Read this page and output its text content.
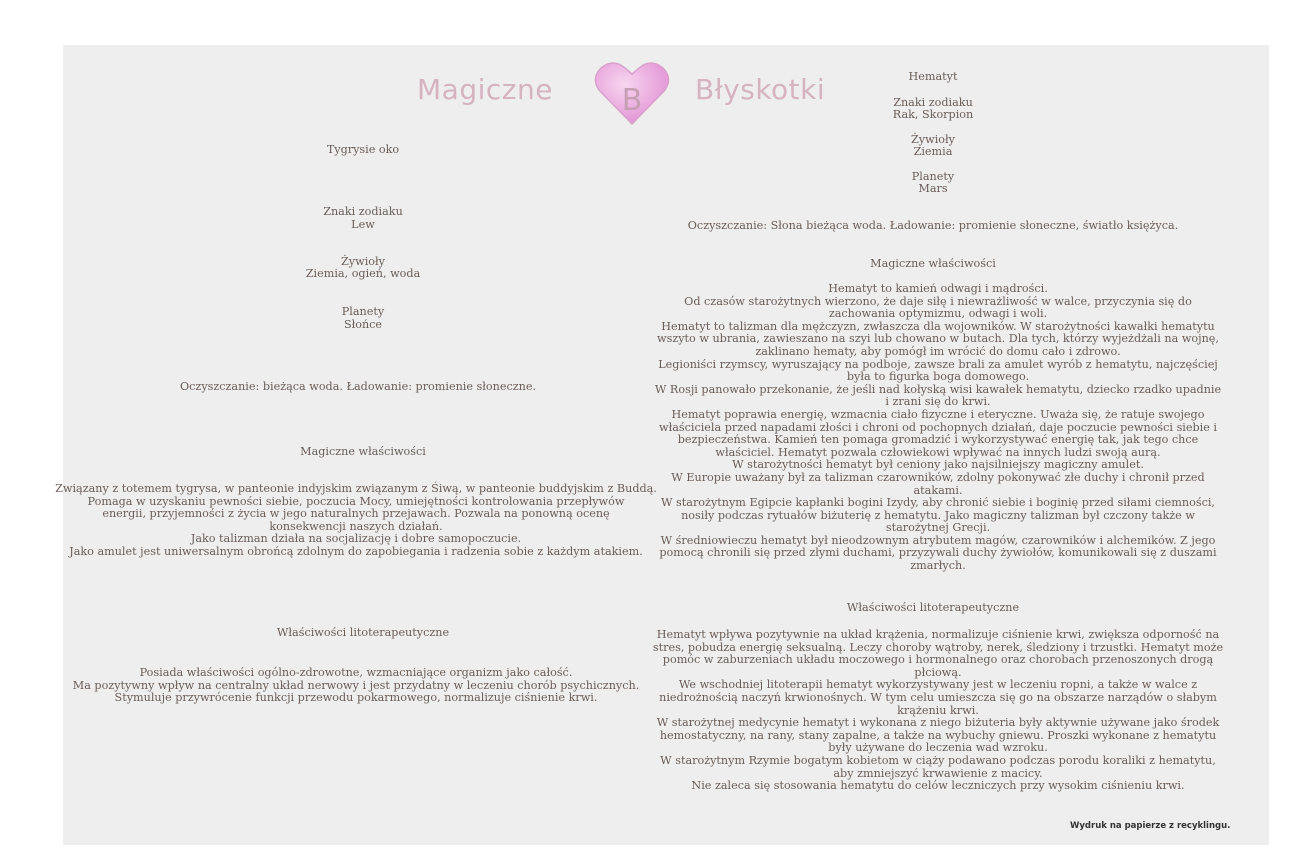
Magiczne B Błyskotki
Tygrysie oko
Znaki zodiaku
Lew
Żywioły
Ziemia, ogień, woda
Planety
Słońce
Oczyszczanie: bieżąca woda. Ładowanie: promienie słoneczne.
Magiczne właściwości
Związany z totemem tygrysa, w panteonie indyjskim związanym z Śiwą, w panteonie buddyjskim z Buddą.
Pomaga w uzyskaniu pewności siebie, poczucia Mocy, umiejętności kontrolowania przepływów
energii, przyjemności z życia w jego naturalnych przejawach. Pozwala na ponowną ocenę
konsekwencji naszych działań.
Jako talizman działa na socjalizację i dobre samopoczucie.
Jako amulet jest uniwersalnym obrońcą zdolnym do zapobiegania i radzenia sobie z każdym atakiem.
Właściwości litoterapeutyczne
Posiada właściwości ogólno-zdrowotne, wzmacniające organizm jako całość.
Ma pozytywny wpływ na centralny układ nerwowy i jest przydatny w leczeniu chorób psychicznych.
Stymuluje przywrócenie funkcji przewodu pokarmowego, normalizuje ciśnienie krwi.
Hematyt
Znaki zodiaku
Rak, Skorpion
Żywioły
Ziemia
Planety
Mars
Oczyszczanie: Słona bieżąca woda. Ładowanie: promienie słoneczne, światło księżyca.
Magiczne właściwości
Hematyt to kamień odwagi i mądrości.
Od czasów starożytnych wierzono, że daje siłę i niewrażliwość w walce, przyczynia się do
zachowania optymizmu, odwagi i woli.
Hematyt to talizman dla mężczyzn, zwłaszcza dla wojowników. W starożytności kawałki hematytu
wszyto w ubrania, zawieszano na szyi lub chowano w butach. Dla tych, którzy wyjeżdżali na wojnę,
zaklinano hematy, aby pomógł im wrócić do domu cało i zdrowo.
Legioniści rzymscy, wyruszający na podboje, zawsze brali za amulet wyrób z hematytu, najczęściej
była to figurka boga domowego.
W Rosji panowało przekonanie, że jeśli nad kołyską wisi kawałek hematytu, dziecko rzadko upadnie
i zrani się do krwi.
Hematyt poprawia energię, wzmacnia ciało fizyczne i eteryczne. Uważa się, że ratuje swojego
właściciela przed napadami złości i chroni od pochopnych działań, daje poczucie pewności siebie i
bezpieczeństwa. Kamień ten pomaga gromadzić i wykorzystywać energię tak, jak tego chce
właściciel. Hematyt pozwala człowiekowi wpływać na innych ludzi swoją aurą.
W starożytności hematyt był ceniony jako najsilniejszy magiczny amulet.
W Europie uważany był za talizman czarowników, zdolny pokonywać złe duchy i chronił przed
atakami.
W starożytnym Egipcie kapłanki bogini Izydy, aby chronić siebie i boginię przed siłami ciemności,
nosiły podczas rytuałów biżuterię z hematytu. Jako magiczny talizman był czczony także w
starożytnej Grecji.
W średniowieczu hematyt był nieodzownym atrybutem magów, czarowników i alchemików. Z jego
pomocą chronili się przed złymi duchami, przyzywali duchy żywiołów, komunikowali się z duszami
zmarłych.
Właściwości litoterapeutyczne
Hematyt wpływa pozytywnie na układ krążenia, normalizuje ciśnienie krwi, zwiększa odporność na
stres, pobudza energię seksualną. Leczy choroby wątroby, nerek, śledziony i trzustki. Hematyt może
pomóc w zaburzeniach układu moczowego i hormonalnego oraz chorobach przenoszonych drogą
płciową.
We wschodniej litoterapii hematyt wykorzystywany jest w leczeniu ropni, a także w walce z
niedrożnością naczyń krwionośnych. W tym celu umieszcza się go na obszarze narządów o słabym
krążeniu krwi.
W starożytnej medycynie hematyt i wykonana z niego biżuteria były aktywnie używane jako środek
hemostatyczny, na rany, stany zapalne, a także na wybuchy gniewu. Proszki wykonane z hematytu
były używane do leczenia wad wzroku.
W starożytnym Rzymie bogatym kobietom w ciąży podawano podczas porodu koraliki z hematytu,
aby zmniejszyć krwawienie z macicy.
Nie zaleca się stosowania hematytu do celów leczniczych przy wysokim ciśnieniu krwi.
Wydruk na papierze z recyklingu.
